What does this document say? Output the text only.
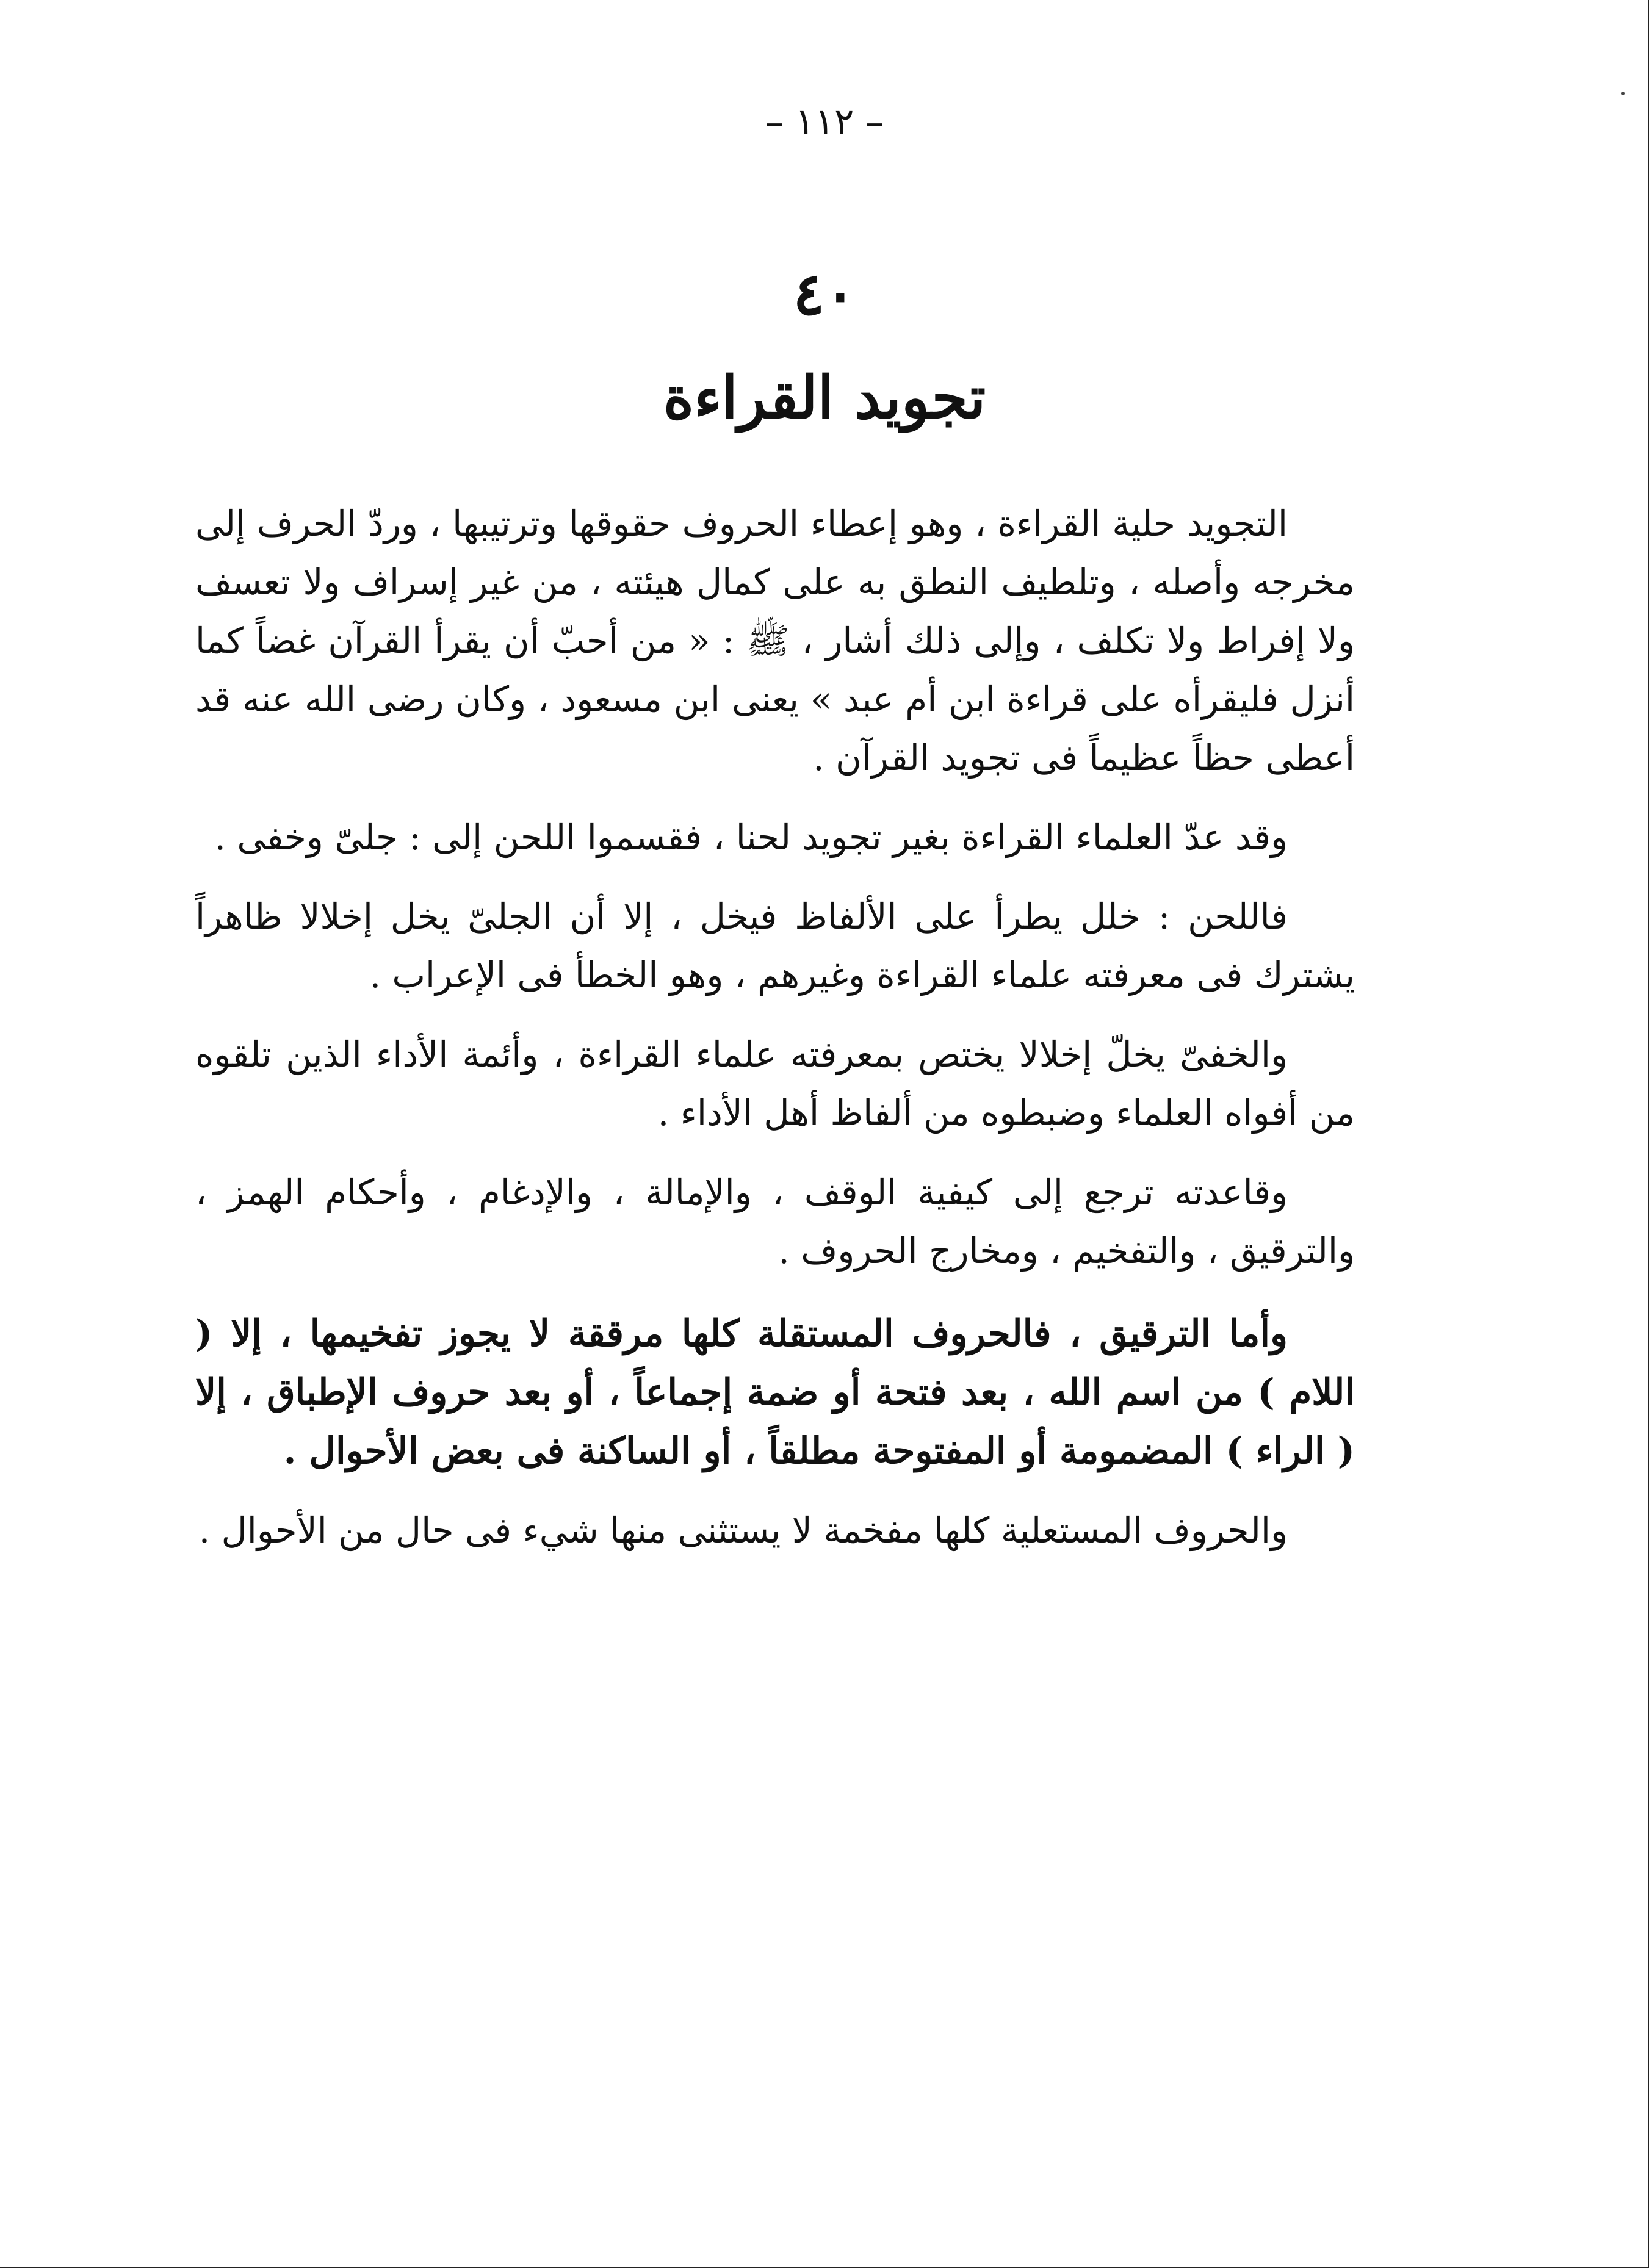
– ١١٢ –
٤٠
تجويد القراءة

التجويد حلية القراءة ، وهو إعطاء الحروف حقوقها وترتيبها ، وردّ الحرف إلى مخرجه وأصله ، وتلطيف النطق به على كمال هيئته ، من غير إسراف ولا تعسف ولا إفراط ولا تكلف ، وإلى ذلك أشار ، ﷺ : « من أحبّ أن يقرأ القرآن غضاً كما أنزل فليقرأه على قراءة ابن أم عبد » يعنى ابن مسعود ، وكان رضى الله عنه قد أعطى حظاً عظيماً فى تجويد القرآن .

وقد عدّ العلماء القراءة بغير تجويد لحنا ، فقسموا اللحن إلى : جلىّ وخفى .

فاللحن : خلل يطرأ على الألفاظ فيخل ، إلا أن الجلىّ يخل إخلالا ظاهراً يشترك فى معرفته علماء القراءة وغيرهم ، وهو الخطأ فى الإعراب .

والخفىّ يخلّ إخلالا يختص بمعرفته علماء القراءة ، وأئمة الأداء الذين تلقوه من أفواه العلماء وضبطوه من ألفاظ أهل الأداء .

وقاعدته ترجع إلى كيفية الوقف ، والإمالة ، والإدغام ، وأحكام الهمز ، والترقيق ، والتفخيم ، ومخارج الحروف .

وأما الترقيق ، فالحروف المستقلة كلها مرققة لا يجوز تفخيمها ، إلا ( اللام ) من اسم الله ، بعد فتحة أو ضمة إجماعاً ، أو بعد حروف الإطباق ، إلا ( الراء ) المضمومة أو المفتوحة مطلقاً ، أو الساكنة فى بعض الأحوال .

والحروف المستعلية كلها مفخمة لا يستثنى منها شيء فى حال من الأحوال .
